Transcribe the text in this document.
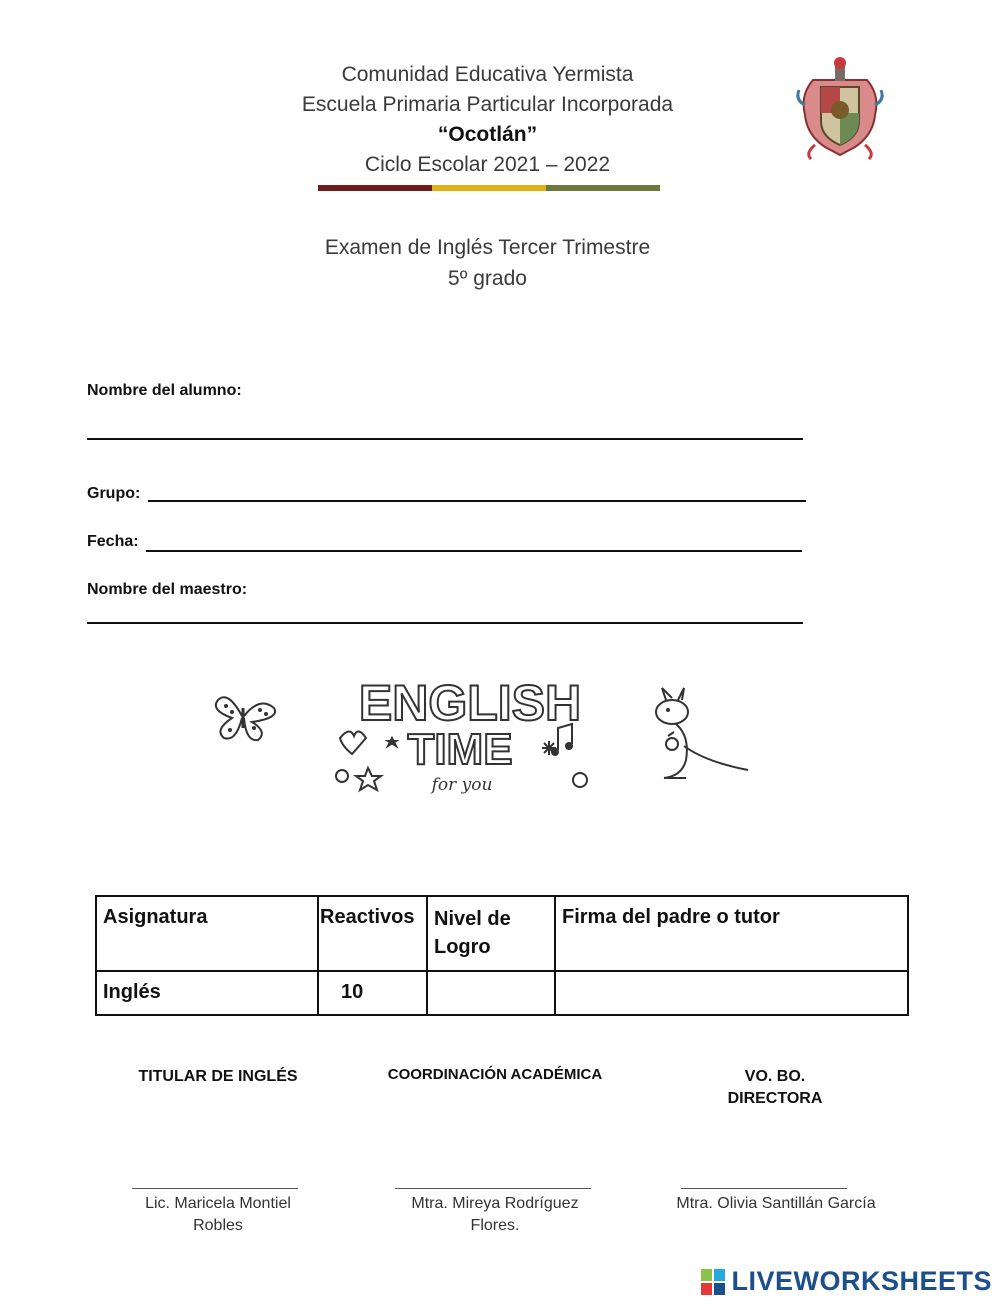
Comunidad Educativa Yermista
Escuela Primaria Particular Incorporada
“Ocotlán”
Ciclo Escolar 2021 – 2022
Examen de Inglés Tercer Trimestre
5º grado
Nombre del alumno:
Grupo:
Fecha:
Nombre del maestro:
ENGLISH
TIME
for you
Asignatura	Reactivos	Nivel de Logro	Firma del padre o tutor
Inglés	10		
TITULAR DE INGLÉS	COORDINACIÓN ACADÉMICA	VO. BO. DIRECTORA
Lic. Maricela Montiel Robles
Mtra. Mireya Rodríguez Flores.
Mtra. Olivia Santillán García
LIVEWORKSHEETS
